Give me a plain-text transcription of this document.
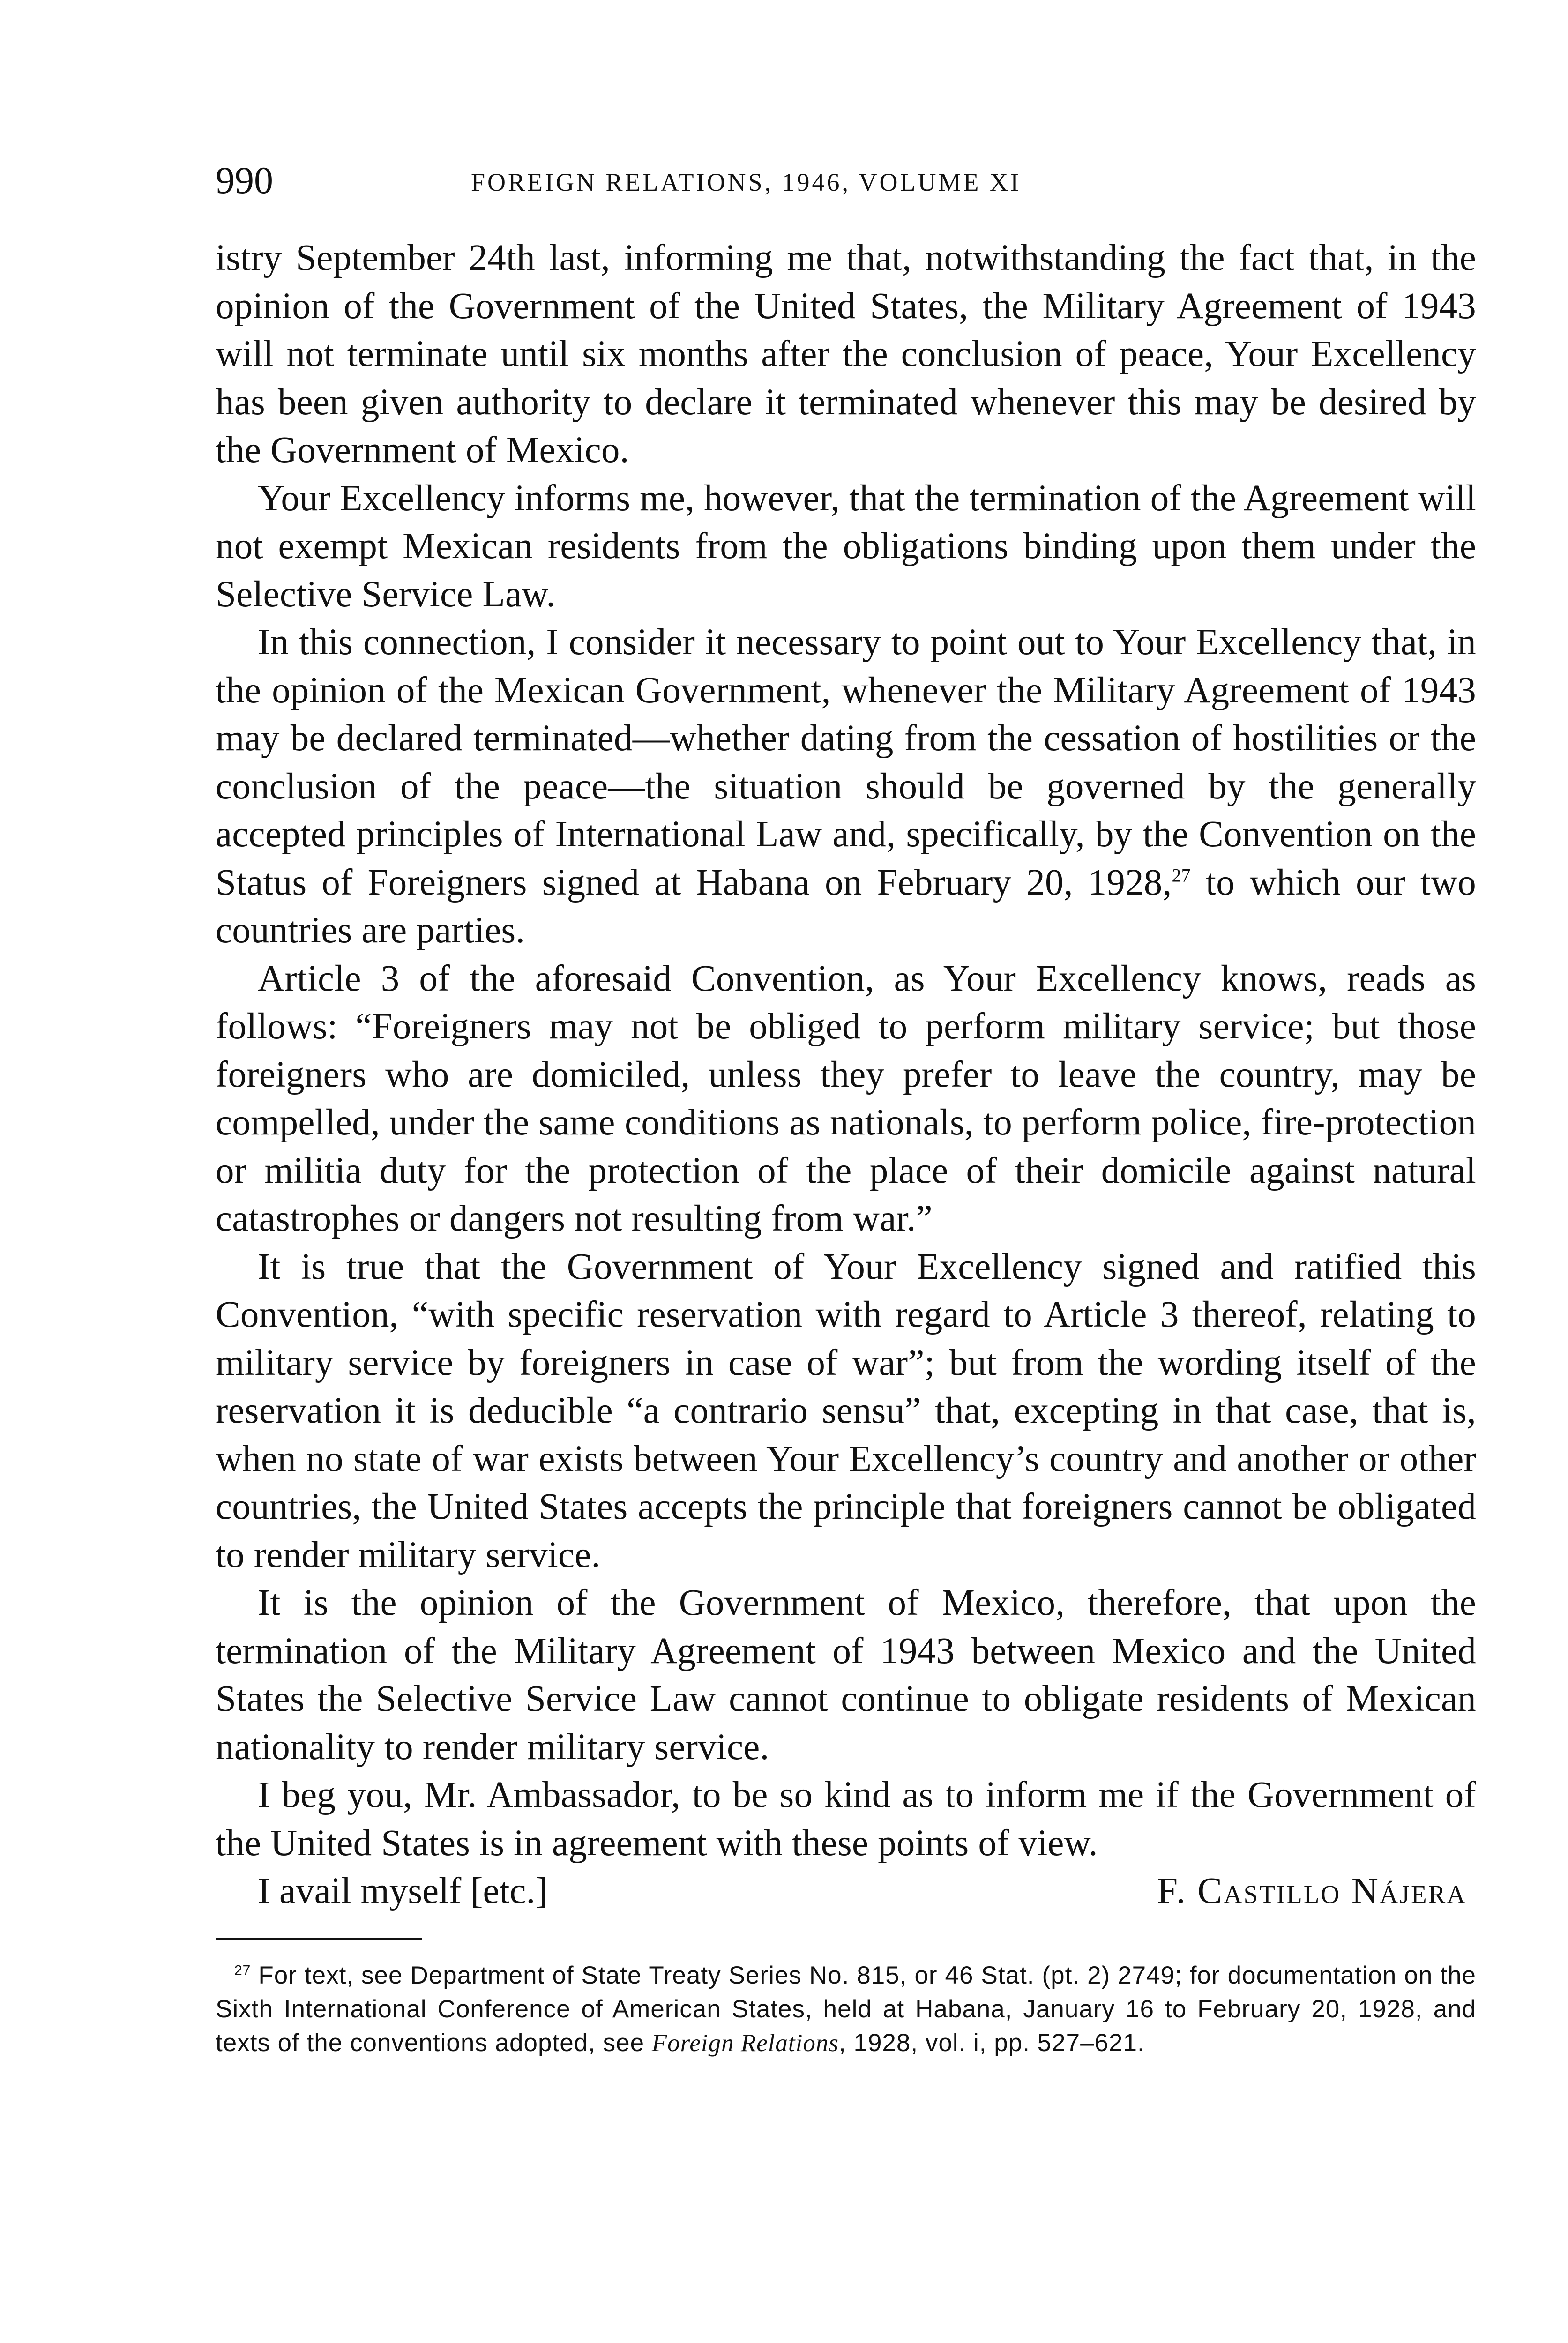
990	FOREIGN RELATIONS, 1946, VOLUME XI

istry September 24th last, informing me that, notwithstanding the fact that, in the opinion of the Government of the United States, the Military Agreement of 1943 will not terminate until six months after the conclusion of peace, Your Excellency has been given authority to declare it terminated whenever this may be desired by the Government of Mexico.

Your Excellency informs me, however, that the termination of the Agreement will not exempt Mexican residents from the obligations binding upon them under the Selective Service Law.

In this connection, I consider it necessary to point out to Your Excellency that, in the opinion of the Mexican Government, whenever the Military Agreement of 1943 may be declared terminated—whether dating from the cessation of hostilities or the conclusion of the peace—the situation should be governed by the generally accepted principles of International Law and, specifically, by the Convention on the Status of Foreigners signed at Habana on February 20, 1928,27 to which our two countries are parties.

Article 3 of the aforesaid Convention, as Your Excellency knows, reads as follows: “Foreigners may not be obliged to perform military service; but those foreigners who are domiciled, unless they prefer to leave the country, may be compelled, under the same conditions as nationals, to perform police, fire-protection or militia duty for the protection of the place of their domicile against natural catastrophes or dangers not resulting from war.”

It is true that the Government of Your Excellency signed and ratified this Convention, “with specific reservation with regard to Article 3 thereof, relating to military service by foreigners in case of war”; but from the wording itself of the reservation it is deducible “a contrario sensu” that, excepting in that case, that is, when no state of war exists between Your Excellency’s country and another or other countries, the United States accepts the principle that foreigners cannot be obligated to render military service.

It is the opinion of the Government of Mexico, therefore, that upon the termination of the Military Agreement of 1943 between Mexico and the United States the Selective Service Law cannot continue to obligate residents of Mexican nationality to render military service.

I beg you, Mr. Ambassador, to be so kind as to inform me if the Government of the United States is in agreement with these points of view.

I avail myself [etc.]	F. Castillo Nájera

$^{27}$ For text, see Department of State Treaty Series No. 815, or 46 Stat. (pt. 2) 2749; for documentation on the Sixth International Conference of American States, held at Habana, January 16 to February 20, 1928, and texts of the conventions adopted, see Foreign Relations, 1928, vol. i, pp. 527–621.
